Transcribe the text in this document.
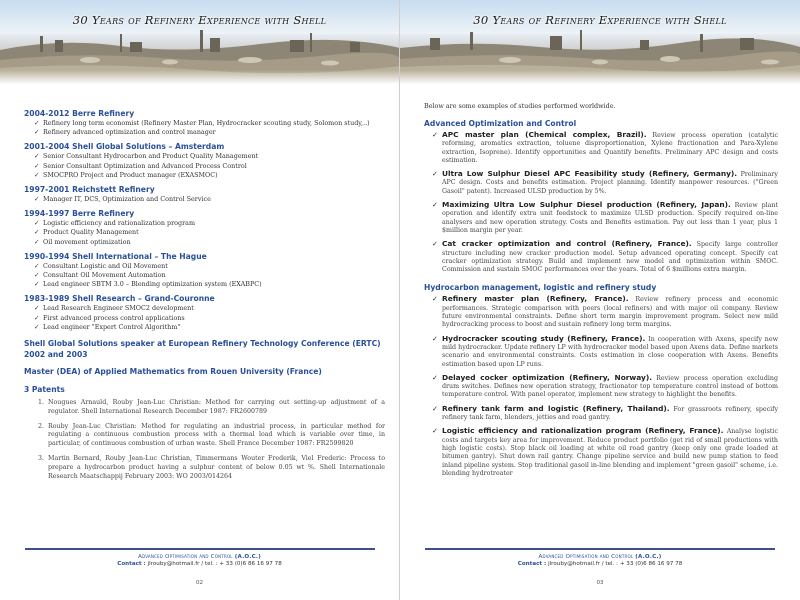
30 Years of Refinery Experience with Shell
2004-2012 Berre Refinery
✓ Refinery long term economist (Refinery Master Plan, Hydrocracker scouting study, Solomon study,..)
✓ Refinery advanced optimization and control manager
2001-2004 Shell Global Solutions – Amsterdam
✓ Senior Consultant Hydrocarbon and Product Quality Management
✓ Senior Consultant Optimization and Advanced Process Control
✓ SMOCPRO Project and Product manager (EXASMOC)
1997-2001 Reichstett Refinery
✓ Manager IT, DCS, Optimization and Control Service
1994-1997 Berre Refinery
✓ Logistic efficiency and rationalization program
✓ Product Quality Management
✓ Oil movement optimization
1990-1994 Shell International – The Hague
✓ Consultant Logistic and Oil Movement
✓ Consultant Oil Movement Automation
✓ Lead engineer SBTM 3.0 – Blending optimization system (EXABPC)
1983-1989 Shell Research – Grand-Couronne
✓ Lead Research Engineer SMOC2 development
✓ First advanced process control applications
✓ Lead engineer "Expert Control Algorithm"
Shell Global Solutions speaker at European Refinery Technology Conference (ERTC) 2002 and 2003
Master (DEA) of Applied Mathematics from Rouen University (France)
3 Patents
1. Nougues Arnauld, Rouby Jean-Luc Christian: Method for carrying out setting-up adjustment of a regulator. Shell International Research December 1987: FR2600789
2. Rouby Jean-Luc Christian: Method for regulating an industrial process, in particular method for regulating a continuous combustion process with a thermal load which is variable over time, in particular, of continuous combustion of urban waste. Shell France December 1987: FR2599820
3. Martin Bernard, Rouby Jean-Luc Christian, Timmermans Wouter Frederik, Viel Frederic: Process to prepare a hydrocarbon product having a sulphur content of below 0.05 wt %. Shell Internationale Research Maatschappij February 2003: WO 2003/014264
Advanced Optimisation and Control (A.O.C.)
Contact : jlrouby@hotmail.fr / tel. : + 33 (0)6 86 16 97 78
02
30 Years of Refinery Experience with Shell

Below are some examples of studies performed worldwide.

Advanced Optimization and Control
✓ APC master plan (Chemical complex, Brazil). Review process operation (catalytic reforming, aromatics extraction, toluene disproportionation, Xylene fractionation and Para-Xylene extraction, Isoprene). Identify opportunities and Quantify benefits. Preliminary APC design and costs estimation.
✓ Ultra Low Sulphur Diesel APC Feasibility study (Refinery, Germany). Preliminary APC design. Costs and benefits estimation. Project planning. Identify manpower resources. ("Green Gasoil" patent). Increased ULSD production by 5%.
✓ Maximizing Ultra Low Sulphur Diesel production (Refinery, Japan). Review plant operation and identify extra unit feedstock to maximize ULSD production. Specify required on-line analysers and new operation strategy. Costs and Benefits estimation. Pay out less than 1 year, plus 1 $million margin per year.
✓ Cat cracker optimization and control (Refinery, France). Specify large controller structure including new cracker production model. Setup advanced operating concept. Specify cat cracker optimization strategy. Build and implement new model and optimization within SMOC. Commission and sustain SMOC performances over the years. Total of 6 $millions extra margin.
Hydrocarbon management, logistic and refinery study
✓ Refinery master plan (Refinery, France). Review refinery process and economic performances. Strategic comparison with peers (local refiners) and with major oil company. Review future environmental constraints. Define short term margin improvement program. Select new mild hydrocracking process to boost and sustain refinery long term margins.
✓ Hydrocracker scouting study (Refinery, France). In cooperation with Axens, specify new mild hydrocracker. Update refinery LP with hydrocracker model based upon Axens data. Define markets scenario and environmental constraints. Costs estimation in close cooperation with Axens. Benefits estimation based upon LP runs.
✓ Delayed cocker optimization (Refinery, Norway). Review process operation excluding drum switches. Defines new operation strategy, fractionator top temperature control instead of bottom temperature control. With panel operator, implement new strategy to highlight the benefits.
✓ Refinery tank farm and logistic (Refinery, Thailand). For grassroots refinery, specify refinery tank farm, blenders, jetties and road gantry.
✓ Logistic efficiency and rationalization program (Refinery, France). Analyse logistic costs and targets key area for improvement. Reduce product portfolio (get rid of small productions with high logistic costs). Stop black oil loading at white oil road gantry (keep only one grade loaded at bitumen gantry). Shut down rail gantry. Change pipeline service and build new pump station to feed inland pipeline system. Stop traditional gasoil in-line blending and implement "green gasoil" scheme, i.e. blending hydrotreater
Advanced Optimisation and Control (A.O.C.)
Contact : jlrouby@hotmail.fr / tel. : + 33 (0)6 86 16 97 78
03
